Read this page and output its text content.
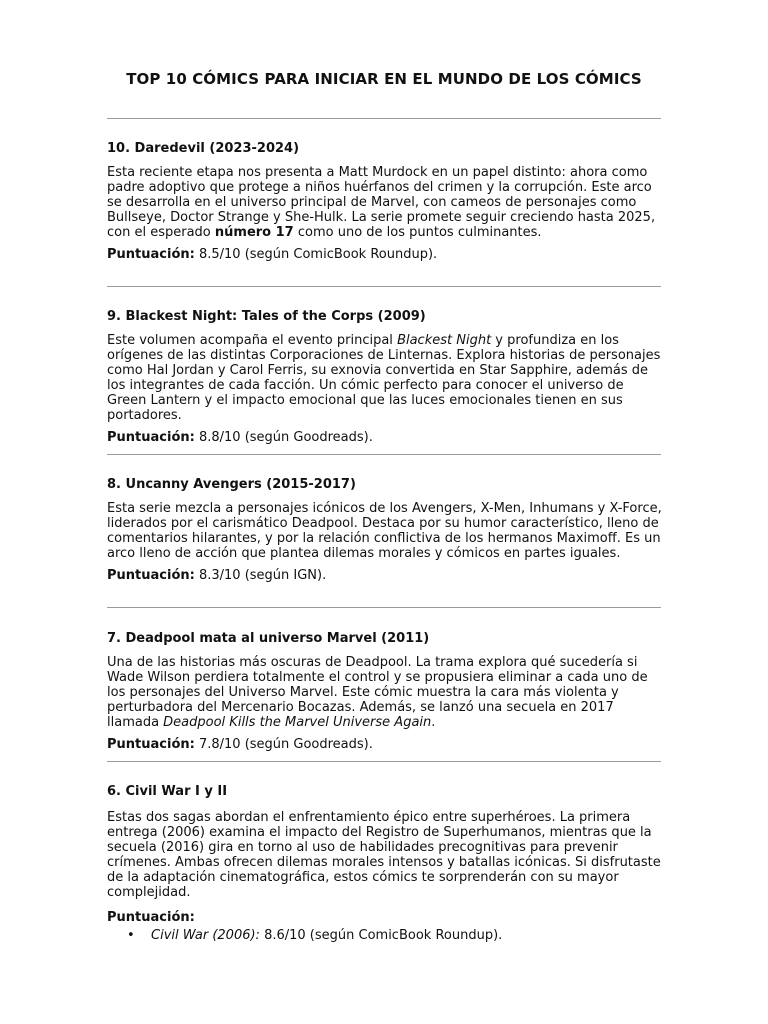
TOP 10 CÓMICS PARA INICIAR EN EL MUNDO DE LOS CÓMICS
10. Daredevil (2023-2024)

Esta reciente etapa nos presenta a Matt Murdock en un papel distinto: ahora como padre adoptivo que protege a niños huérfanos del crimen y la corrupción. Este arco se desarrolla en el universo principal de Marvel, con cameos de personajes como Bullseye, Doctor Strange y She-Hulk. La serie promete seguir creciendo hasta 2025, con el esperado número 17 como uno de los puntos culminantes.

Puntuación: 8.5/10 (según ComicBook Roundup).

9. Blackest Night: Tales of the Corps (2009)

Este volumen acompaña el evento principal Blackest Night y profundiza en los orígenes de las distintas Corporaciones de Linternas. Explora historias de personajes como Hal Jordan y Carol Ferris, su exnovia convertida en Star Sapphire, además de los integrantes de cada facción. Un cómic perfecto para conocer el universo de Green Lantern y el impacto emocional que las luces emocionales tienen en sus portadores.

Puntuación: 8.8/10 (según Goodreads).

8. Uncanny Avengers (2015-2017)

Esta serie mezcla a personajes icónicos de los Avengers, X-Men, Inhumans y X-Force, liderados por el carismático Deadpool. Destaca por su humor característico, lleno de comentarios hilarantes, y por la relación conflictiva de los hermanos Maximoff. Es un arco lleno de acción que plantea dilemas morales y cómicos en partes iguales.

Puntuación: 8.3/10 (según IGN).

7. Deadpool mata al universo Marvel (2011)

Una de las historias más oscuras de Deadpool. La trama explora qué sucedería si Wade Wilson perdiera totalmente el control y se propusiera eliminar a cada uno de los personajes del Universo Marvel. Este cómic muestra la cara más violenta y perturbadora del Mercenario Bocazas. Además, se lanzó una secuela en 2017 llamada Deadpool Kills the Marvel Universe Again.

Puntuación: 7.8/10 (según Goodreads).

6. Civil War I y II

Estas dos sagas abordan el enfrentamiento épico entre superhéroes. La primera entrega (2006) examina el impacto del Registro de Superhumanos, mientras que la secuela (2016) gira en torno al uso de habilidades precognitivas para prevenir crímenes. Ambas ofrecen dilemas morales intensos y batallas icónicas. Si disfrutaste de la adaptación cinematográfica, estos cómics te sorprenderán con su mayor complejidad.

Puntuación:

• Civil War (2006): 8.6/10 (según ComicBook Roundup).
